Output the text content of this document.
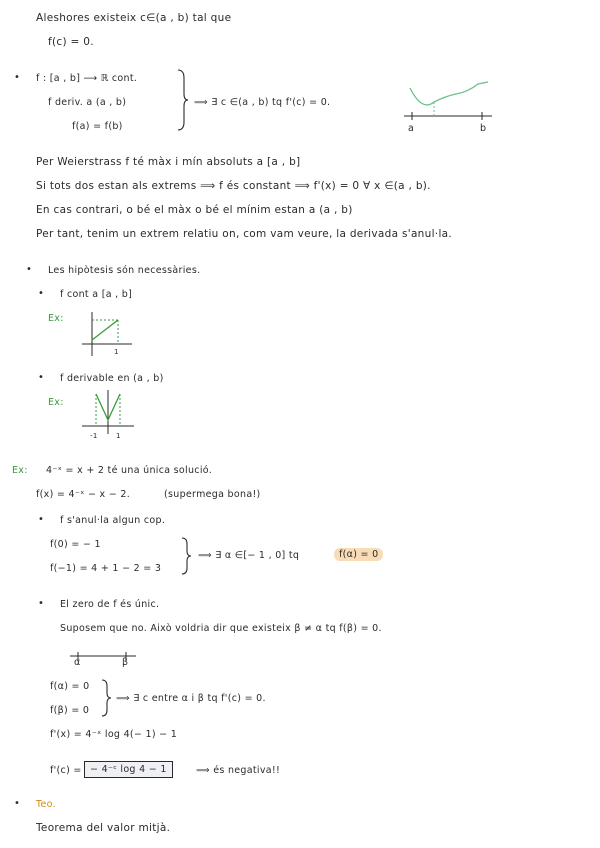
Aleshores existeix c∈(a , b) tal que
f(c) = 0.
• f : [a , b] ⟶ ℝ cont.
f deriv. a (a , b)
f(a) = f(b)
⟹ ∃ c ∈(a , b) tq f'(c) = 0.
a	b
Per Weierstrass f té màx i mín absoluts a [a , b]
Si tots dos estan als extrems ⟹ f és constant ⟹ f'(x) = 0 ∀ x ∈(a , b).
En cas contrari, o bé el màx o bé el mínim estan a (a , b)
Per tant, tenim un extrem relatiu on, com vam veure, la derivada s'anul·la.
• Les hipòtesis són necessàries.
• f cont a [a , b]
Ex:
1
• f derivable en (a , b)
Ex:
-1	1
Ex: 4⁻ˣ = x + 2 té una única solució.
f(x) = 4⁻ˣ − x − 2.	(supermega bona!)
• f s'anul·la algun cop.
f(0) = − 1
f(−1) = 4 + 1 − 2 = 3
⟹ ∃ α ∈[− 1 , 0] tq	f(α) = 0
• El zero de f és únic.
Suposem que no. Això voldria dir que existeix β ≠ α tq f(β) = 0.
α	β
f(α) = 0
f(β) = 0
⟹ ∃ c entre α i β tq f'(c) = 0.
f'(x) = 4⁻ˣ log 4(− 1) − 1
f'(c) = − 4⁻ᶜ log 4 − 1	⟹ és negativa!!
• Teo.
Teorema del valor mitjà.
